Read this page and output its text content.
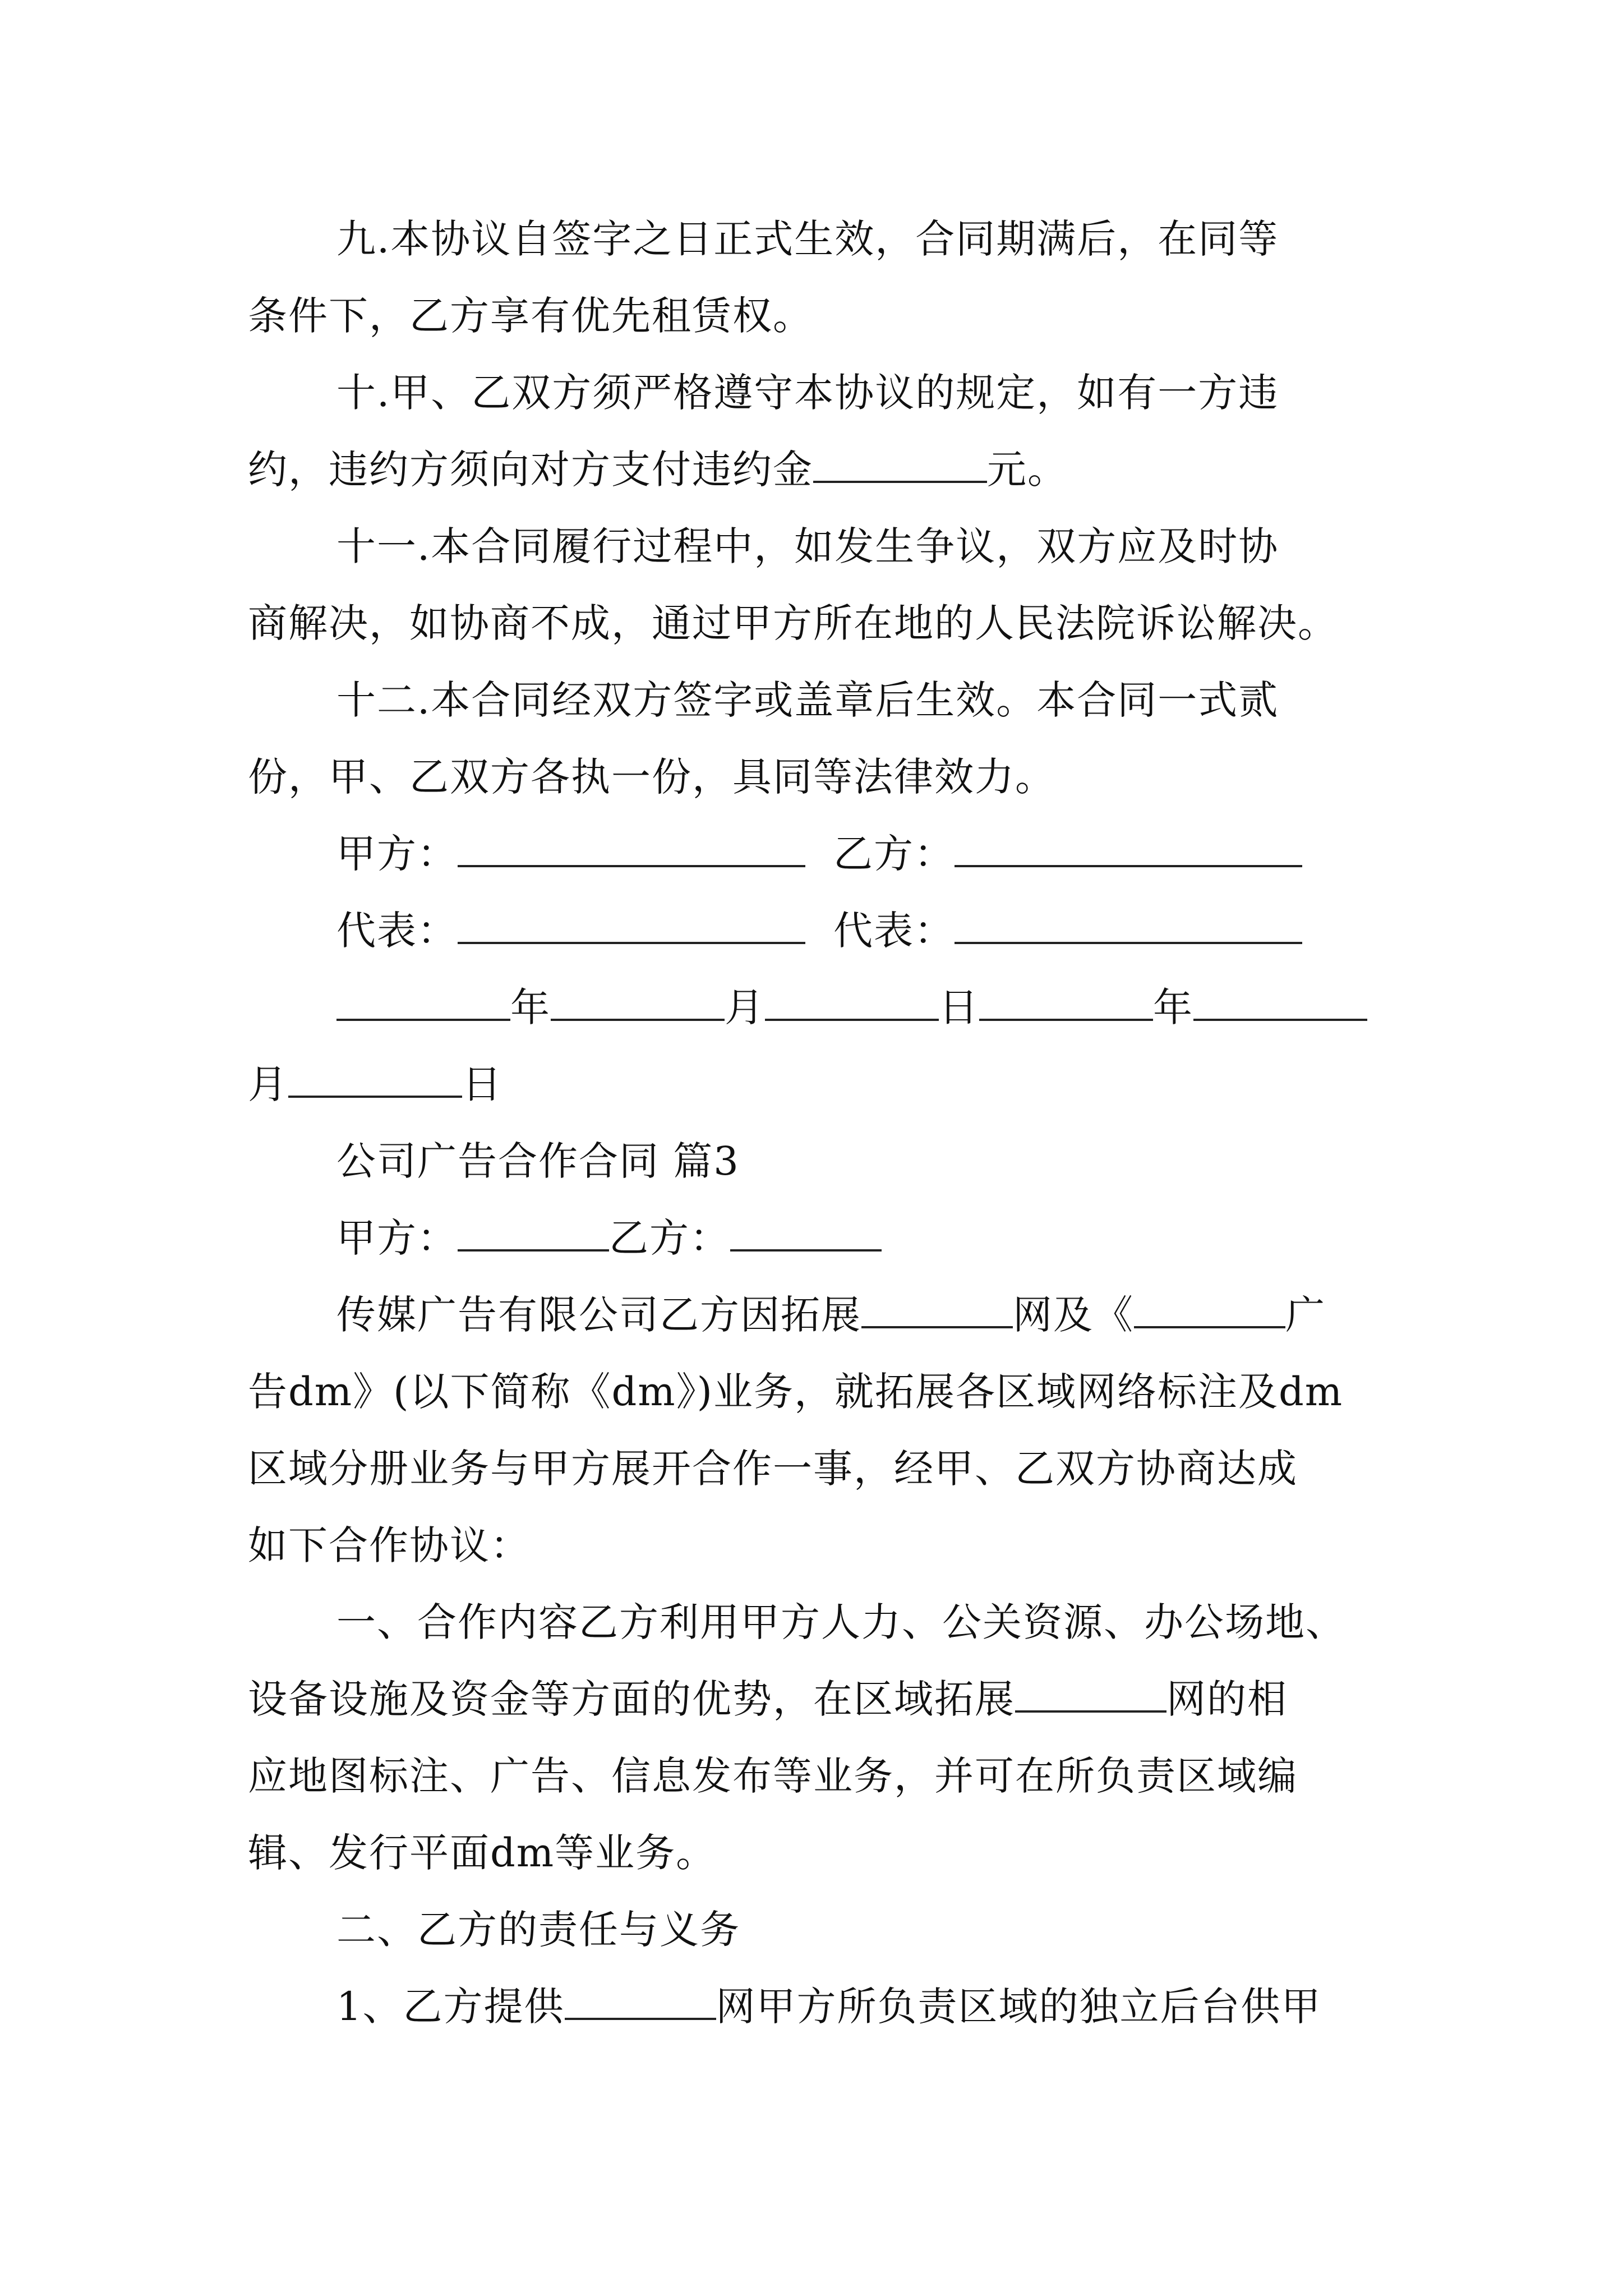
九.本协议自签字之日正式生效，合同期满后，在同等
条件下，乙方享有优先租赁权。
十.甲、乙双方须严格遵守本协议的规定，如有一方违
约，违约方须向对方支付违约金	元。
十一.本合同履行过程中，如发生争议，双方应及时协
商解决，如协商不成，通过甲方所在地的人民法院诉讼解决。
十二.本合同经双方签字或盖章后生效。本合同一式贰
份，甲、乙双方各执一份，具同等法律效力。
甲方：	乙方：
代表：	代表：
年	月	日	年
月	日
公司广告合作合同 篇3
甲方：	乙方：
传媒广告有限公司乙方因拓展	网及《	广
告dm》(以下简称《dm》)业务，就拓展各区域网络标注及dm
区域分册业务与甲方展开合作一事，经甲、乙双方协商达成
如下合作协议：
一、合作内容乙方利用甲方人力、公关资源、办公场地、
设备设施及资金等方面的优势，在区域拓展	网的相
应地图标注、广告、信息发布等业务，并可在所负责区域编
辑、发行平面dm等业务。
二、乙方的责任与义务
1、乙方提供	网甲方所负责区域的独立后台供甲
